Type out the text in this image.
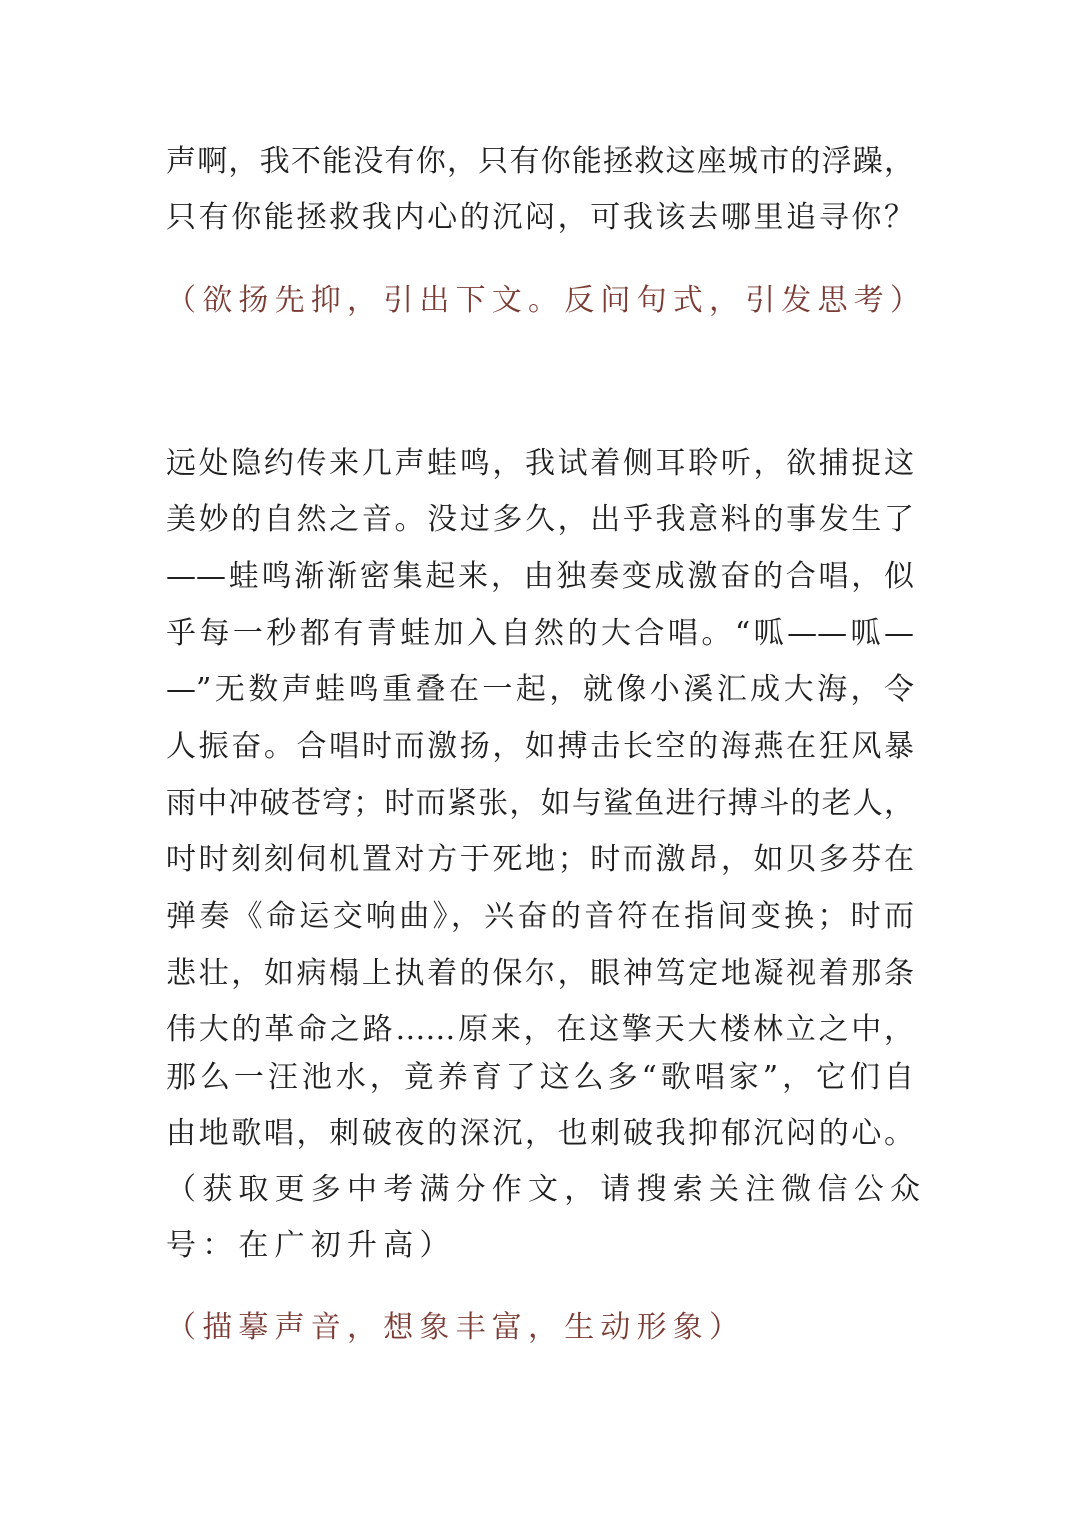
声啊，我不能没有你，只有你能拯救这座城市的浮躁，
只有你能拯救我内心的沉闷，可我该去哪里追寻你？
（欲扬先抑，引出下文。反问句式，引发思考）
远处隐约传来几声蛙鸣，我试着侧耳聆听，欲捕捉这
美妙的自然之音。没过多久，出乎我意料的事发生了
——蛙鸣渐渐密集起来，由独奏变成激奋的合唱，似
乎每一秒都有青蛙加入自然的大合唱。“呱——呱—
—”无数声蛙鸣重叠在一起，就像小溪汇成大海，令
人振奋。合唱时而激扬，如搏击长空的海燕在狂风暴
雨中冲破苍穹；时而紧张，如与鲨鱼进行搏斗的老人，
吋时刻刻伺机置对方于死地；时而激昂，如贝多芬在
弹奏《命运交响曲》，兴奋的音符在指间变换；时而
悲壮，如病榻上执着的保尔，眼神笃定地凝视着那条
伟大的革命之路……原来，在这擎天大楼林立之中，
那么一汪池水，竟养育了这么多“歌唱家”，它们自
由地歌唱，刺破夜的深沉，也刺破我抑郁沉闷的心。
（获取更多中考满分作文，请搜索关注微信公众
号：在广初升高）
（描摹声音，想象丰富，生动形象）
